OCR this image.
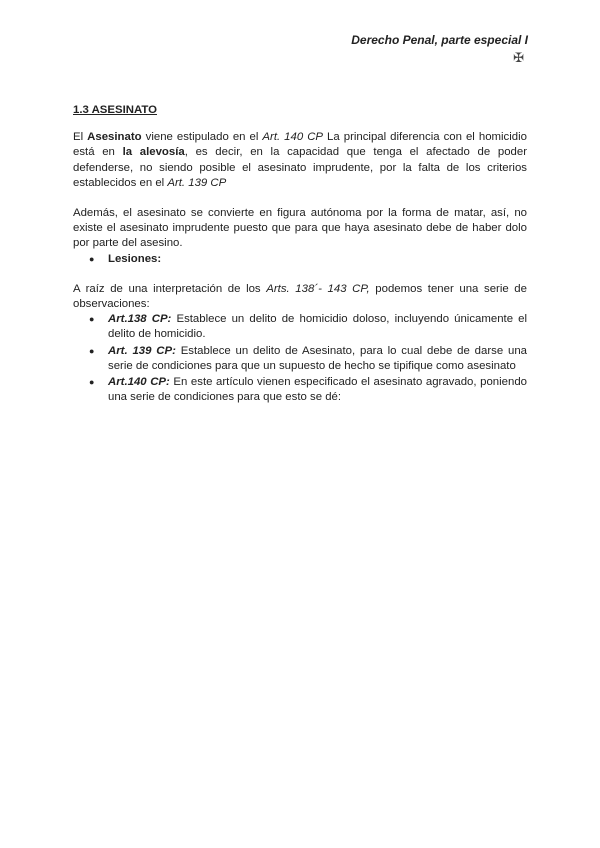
Derecho Penal, parte especial I
✠
1.3 ASESINATO

El Asesinato viene estipulado en el Art. 140 CP La principal diferencia con el homicidio está en la alevosía, es decir, en la capacidad que tenga el afectado de poder defenderse, no siendo posible el asesinato imprudente, por la falta de los criterios establecidos en el Art. 139 CP

Además, el asesinato se convierte en figura autónoma por la forma de matar, así, no existe el asesinato imprudente puesto que para que haya asesinato debe de haber dolo por parte del asesino.

● Lesiones:

A raíz de una interpretación de los Arts. 138´- 143 CP, podemos tener una serie de observaciones:

● Art.138 CP: Establece un delito de homicidio doloso, incluyendo únicamente el delito de homicidio.
● Art. 139 CP: Establece un delito de Asesinato, para lo cual debe de darse una serie de condiciones para que un supuesto de hecho se tipifique como asesinato
● Art.140 CP: En este artículo vienen especificado el asesinato agravado, poniendo una serie de condiciones para que esto se dé:
